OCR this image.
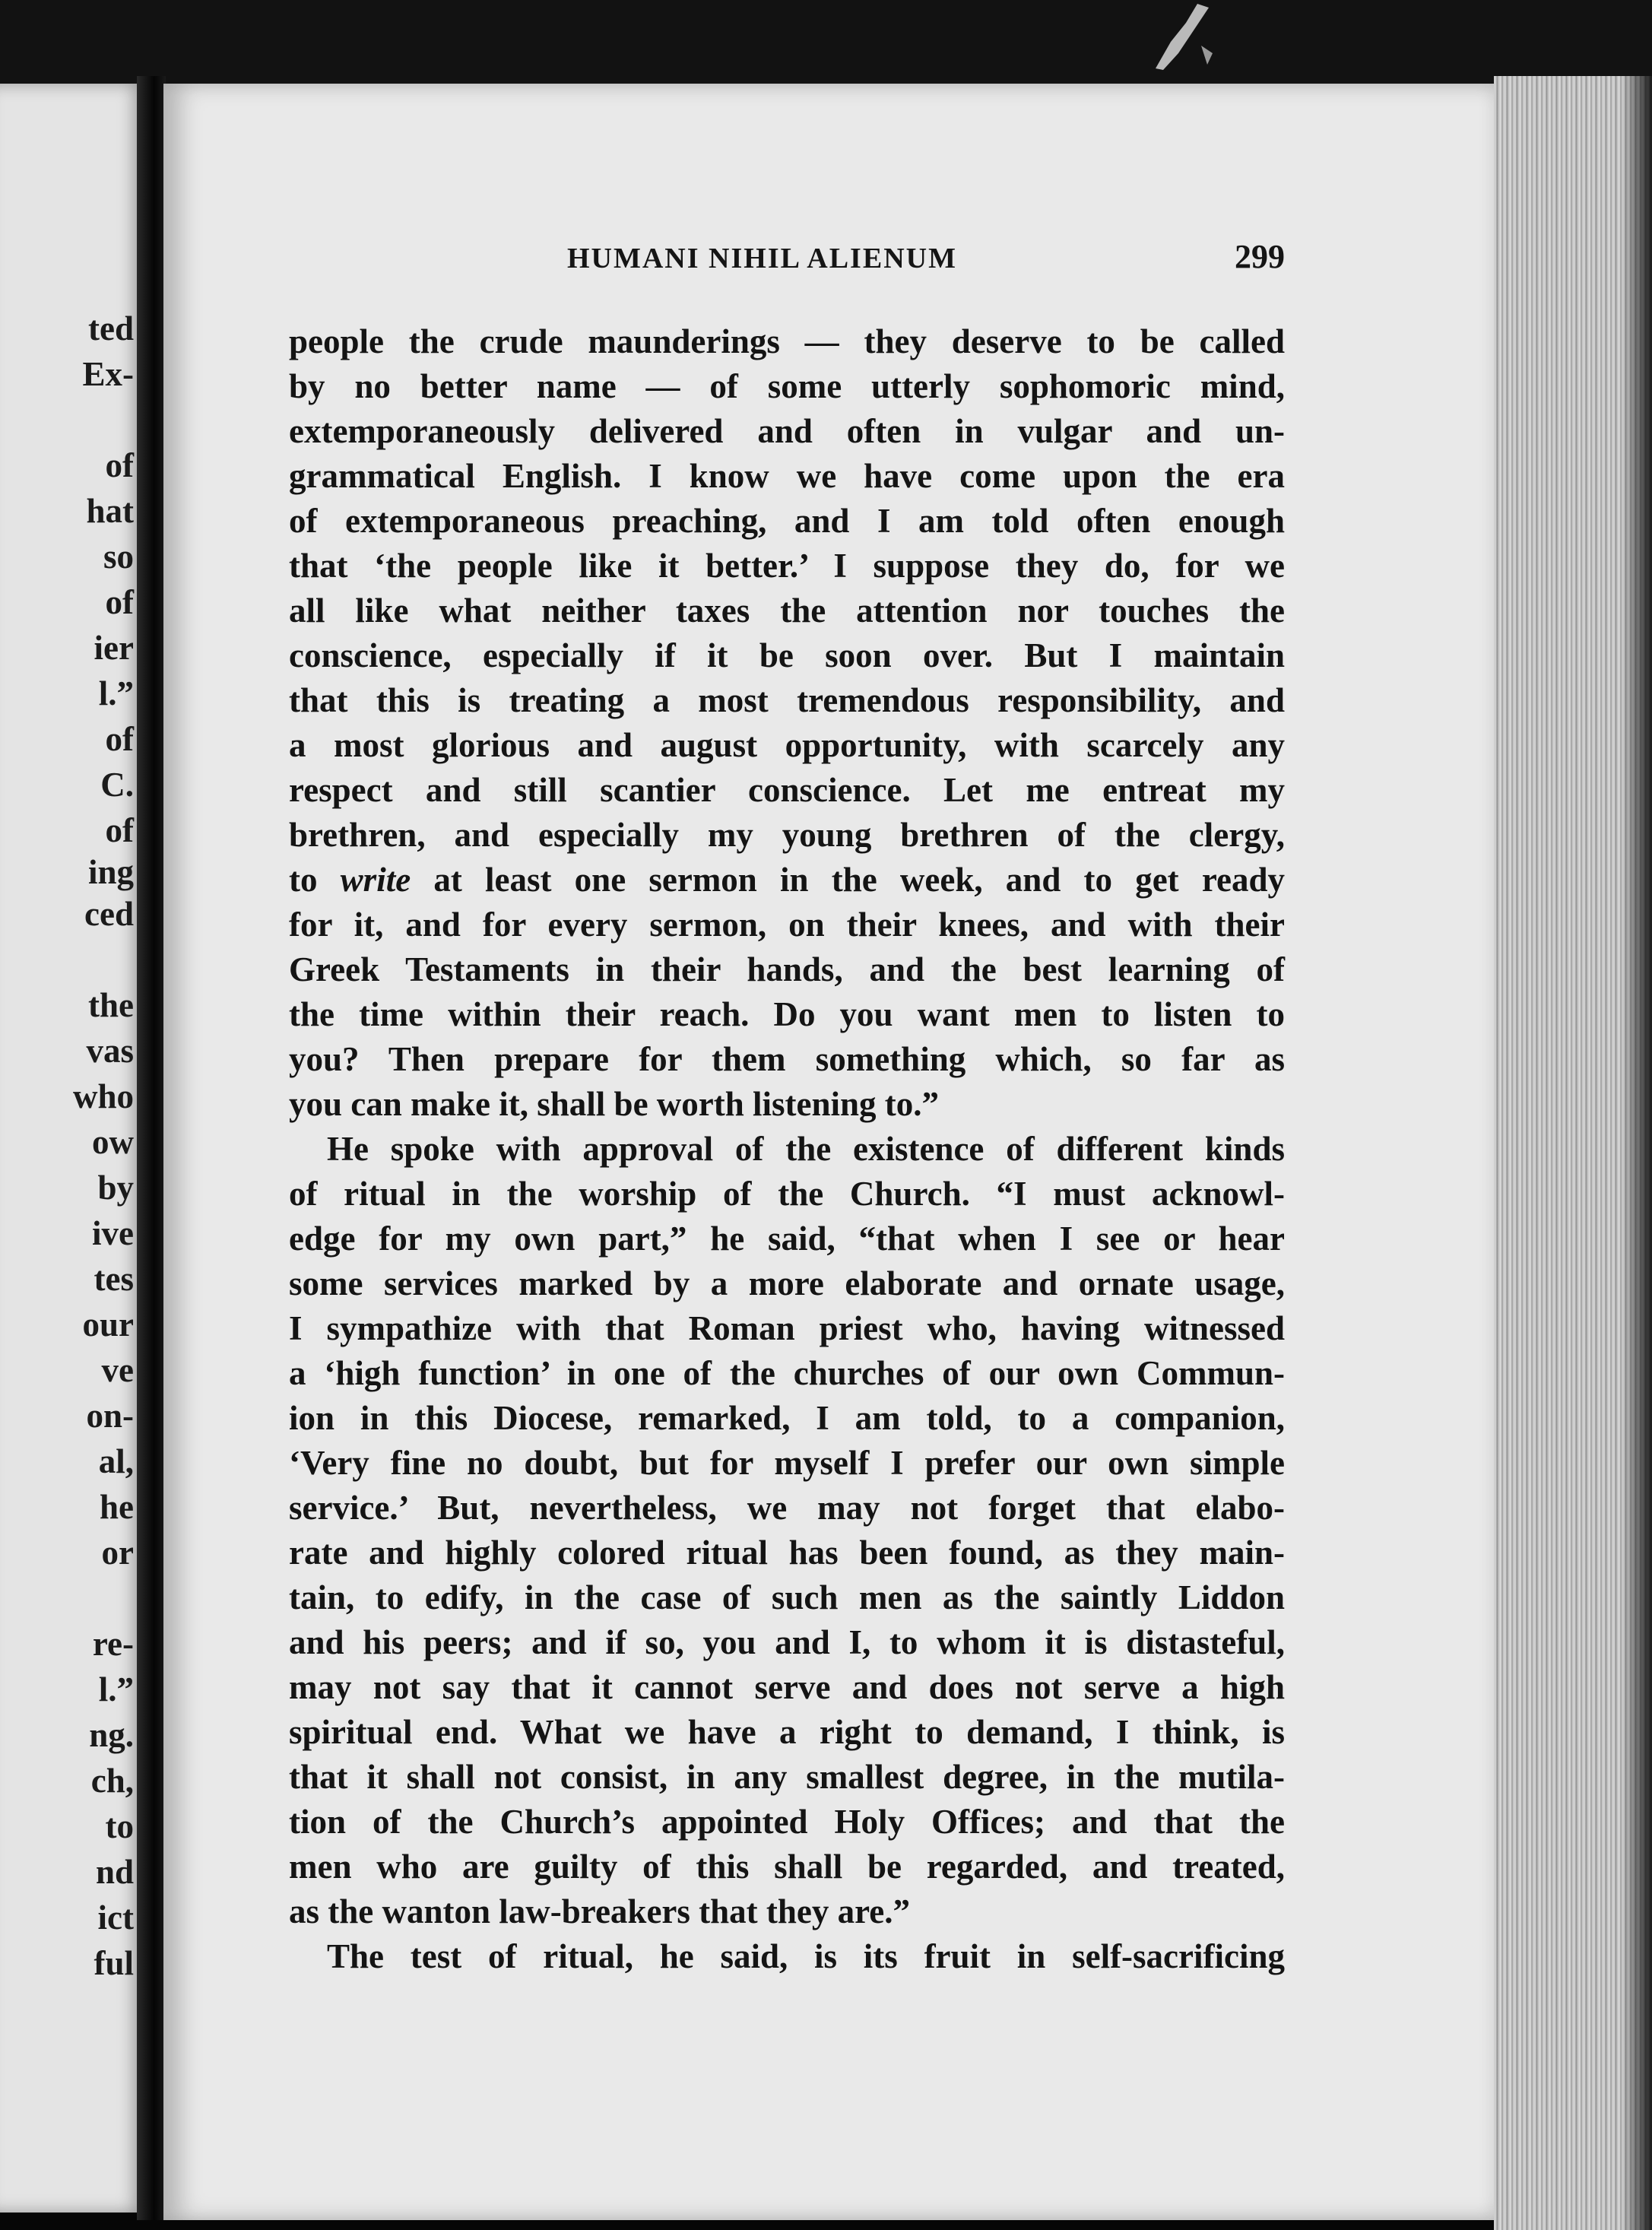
ted
Ex-
of
hat
so
of
ier
l.”
of
C.
of
ing
ced
the
vas
who
ow
by
ive
tes
our
ve
on-
al,
he
or
re-
l.”
ng.
ch,
to
nd
ict
ful
HUMANI NIHIL ALIENUM	299
people the crude maunderings — they deserve to be called
by no better name — of some utterly sophomoric mind,
extemporaneously delivered and often in vulgar and un-
grammatical English. I know we have come upon the era
of extemporaneous preaching, and I am told often enough
that ‘the people like it better.’ I suppose they do, for we
all like what neither taxes the attention nor touches the
conscience, especially if it be soon over. But I maintain
that this is treating a most tremendous responsibility, and
a most glorious and august opportunity, with scarcely any
respect and still scantier conscience. Let me entreat my
brethren, and especially my young brethren of the clergy,
to write at least one sermon in the week, and to get ready
for it, and for every sermon, on their knees, and with their
Greek Testaments in their hands, and the best learning of
the time within their reach. Do you want men to listen to
you? Then prepare for them something which, so far as
you can make it, shall be worth listening to.”
He spoke with approval of the existence of different kinds
of ritual in the worship of the Church. “I must acknowl-
edge for my own part,” he said, “that when I see or hear
some services marked by a more elaborate and ornate usage,
I sympathize with that Roman priest who, having witnessed
a ‘high function’ in one of the churches of our own Commun-
ion in this Diocese, remarked, I am told, to a companion,
‘Very fine no doubt, but for myself I prefer our own simple
service.’ But, nevertheless, we may not forget that elabo-
rate and highly colored ritual has been found, as they main-
tain, to edify, in the case of such men as the saintly Liddon
and his peers; and if so, you and I, to whom it is distasteful,
may not say that it cannot serve and does not serve a high
spiritual end. What we have a right to demand, I think, is
that it shall not consist, in any smallest degree, in the mutila-
tion of the Church’s appointed Holy Offices; and that the
men who are guilty of this shall be regarded, and treated,
as the wanton law-breakers that they are.”
The test of ritual, he said, is its fruit in self-sacrificing
